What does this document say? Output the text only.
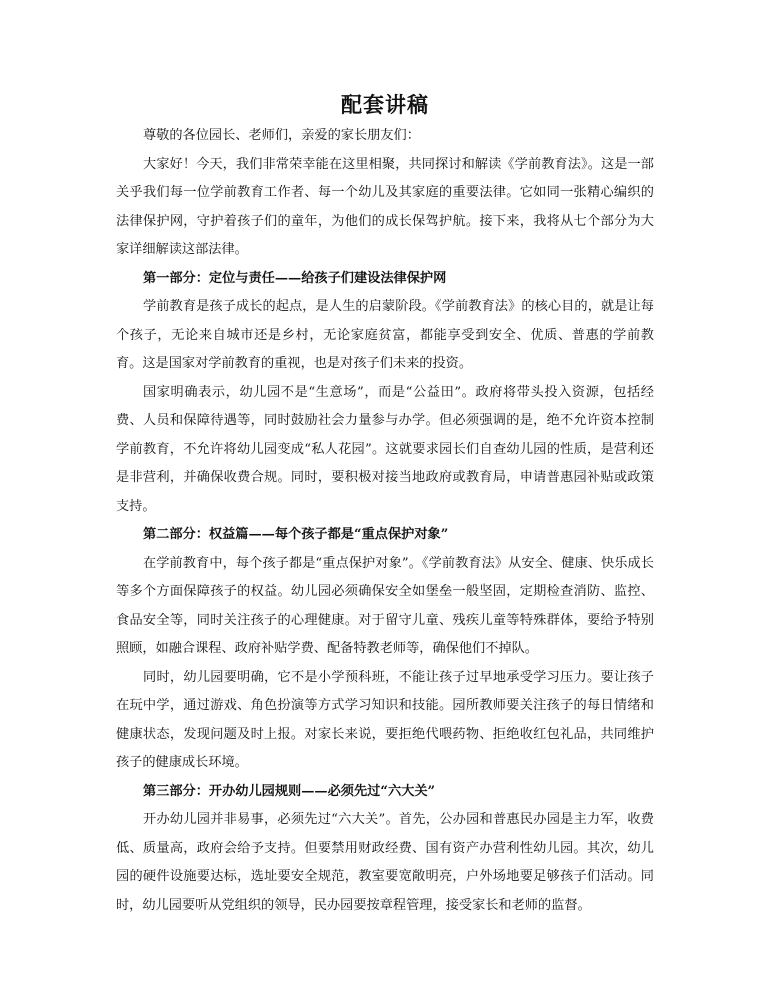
配套讲稿

尊敬的各位园长、老师们，亲爱的家长朋友们：

大家好！今天，我们非常荣幸能在这里相聚，共同探讨和解读《学前教育法》。这是一部关乎我们每一位学前教育工作者、每一个幼儿及其家庭的重要法律。它如同一张精心编织的法律保护网，守护着孩子们的童年，为他们的成长保驾护航。接下来，我将从七个部分为大家详细解读这部法律。

第一部分：定位与责任——给孩子们建设法律保护网

学前教育是孩子成长的起点，是人生的启蒙阶段。《学前教育法》的核心目的，就是让每个孩子，无论来自城市还是乡村，无论家庭贫富，都能享受到安全、优质、普惠的学前教育。这是国家对学前教育的重视，也是对孩子们未来的投资。

国家明确表示，幼儿园不是“生意场”，而是“公益田”。政府将带头投入资源，包括经费、人员和保障待遇等，同时鼓励社会力量参与办学。但必须强调的是，绝不允许资本控制学前教育，不允许将幼儿园变成“私人花园”。这就要求园长们自查幼儿园的性质，是营利还是非营利，并确保收费合规。同时，要积极对接当地政府或教育局，申请普惠园补贴或政策支持。

第二部分：权益篇——每个孩子都是“重点保护对象”

在学前教育中，每个孩子都是“重点保护对象”。《学前教育法》从安全、健康、快乐成长等多个方面保障孩子的权益。幼儿园必须确保安全如堡垒一般坚固，定期检查消防、监控、食品安全等，同时关注孩子的心理健康。对于留守儿童、残疾儿童等特殊群体，要给予特别照顾，如融合课程、政府补贴学费、配备特教老师等，确保他们不掉队。

同时，幼儿园要明确，它不是小学预科班，不能让孩子过早地承受学习压力。要让孩子在玩中学，通过游戏、角色扮演等方式学习知识和技能。园所教师要关注孩子的每日情绪和健康状态，发现问题及时上报。对家长来说，要拒绝代喂药物、拒绝收红包礼品，共同维护孩子的健康成长环境。

第三部分：开办幼儿园规则——必须先过“六大关”

开办幼儿园并非易事，必须先过“六大关”。首先，公办园和普惠民办园是主力军，收费低、质量高，政府会给予支持。但要禁用财政经费、国有资产办营利性幼儿园。其次，幼儿园的硬件设施要达标，选址要安全规范，教室要宽敞明亮，户外场地要足够孩子们活动。同时，幼儿园要听从党组织的领导，民办园要按章程管理，接受家长和老师的监督。
